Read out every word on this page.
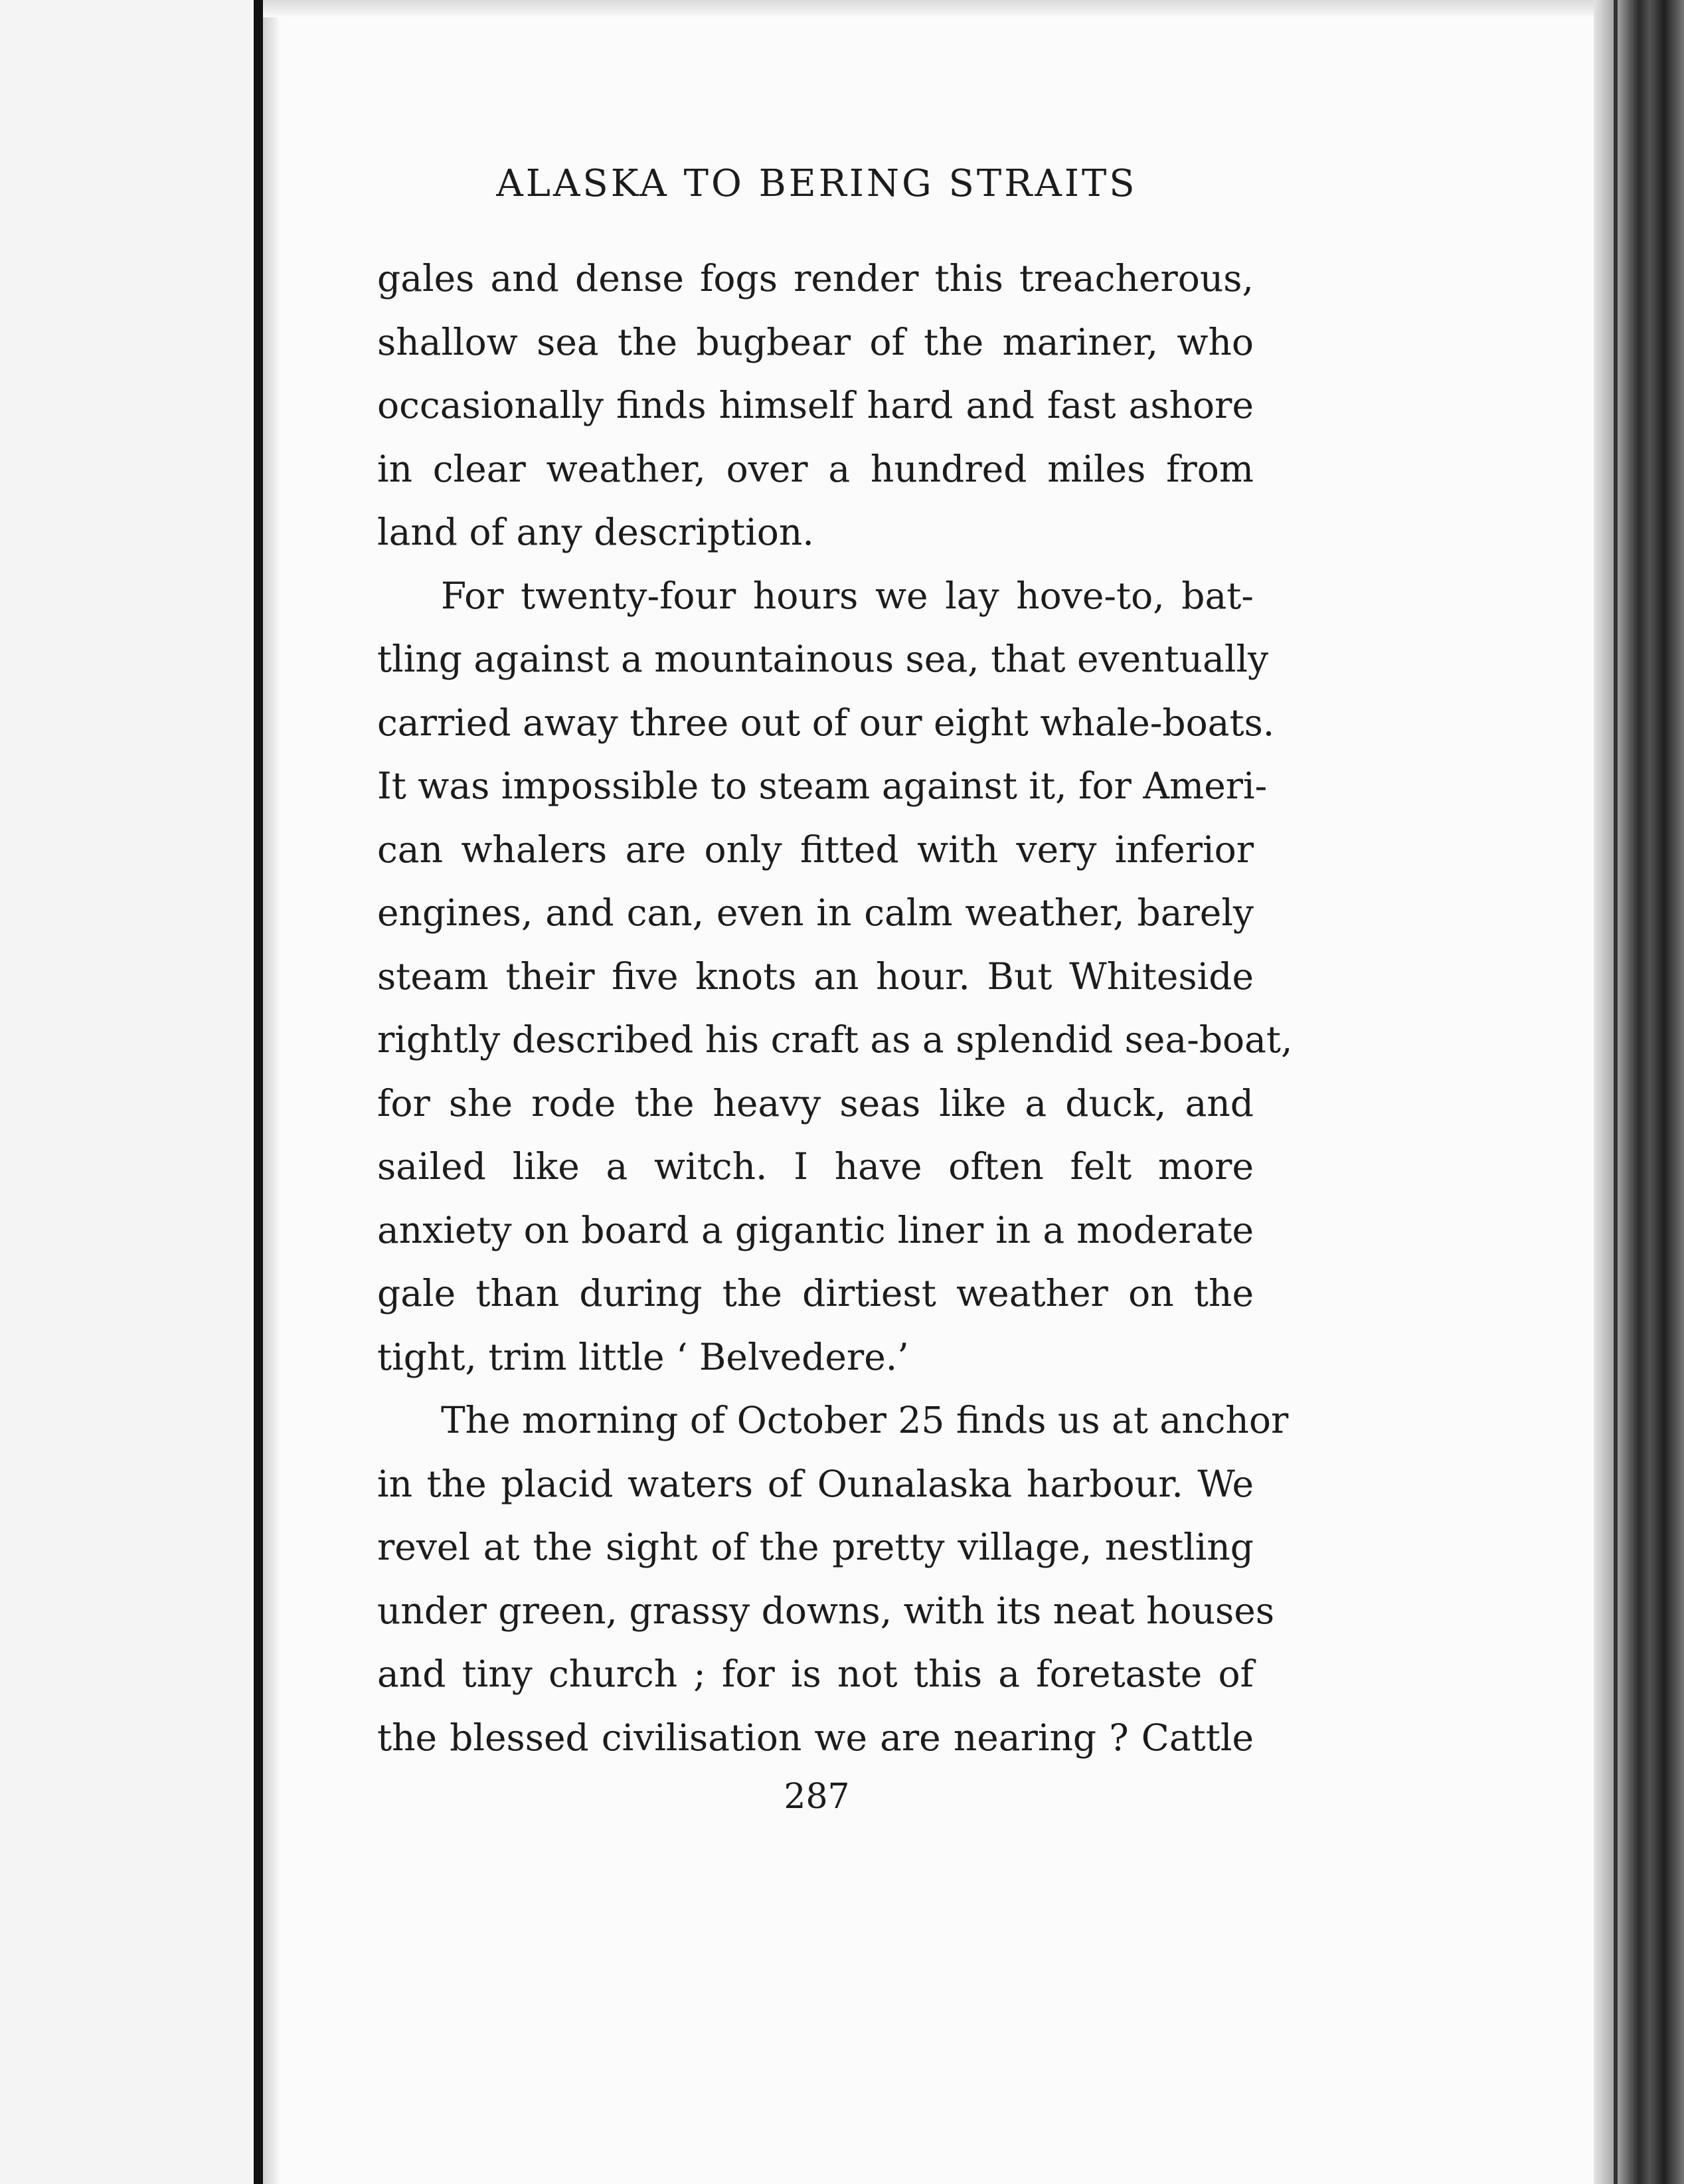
ALASKA TO BERING STRAITS
gales and dense fogs render this treacherous,
shallow sea the bugbear of the mariner, who
occasionally finds himself hard and fast ashore
in clear weather, over a hundred miles from
land of any description.
For twenty-four hours we lay hove-to, bat-
tling against a mountainous sea, that eventually
carried away three out of our eight whale-boats.
It was impossible to steam against it, for Ameri-
can whalers are only fitted with very inferior
engines, and can, even in calm weather, barely
steam their five knots an hour. But Whiteside
rightly described his craft as a splendid sea-boat,
for she rode the heavy seas like a duck, and
sailed like a witch. I have often felt more
anxiety on board a gigantic liner in a moderate
gale than during the dirtiest weather on the
tight, trim little ‘ Belvedere.’
The morning of October 25 finds us at anchor
in the placid waters of Ounalaska harbour. We
revel at the sight of the pretty village, nestling
under green, grassy downs, with its neat houses
and tiny church ; for is not this a foretaste of
the blessed civilisation we are nearing ? Cattle
287
